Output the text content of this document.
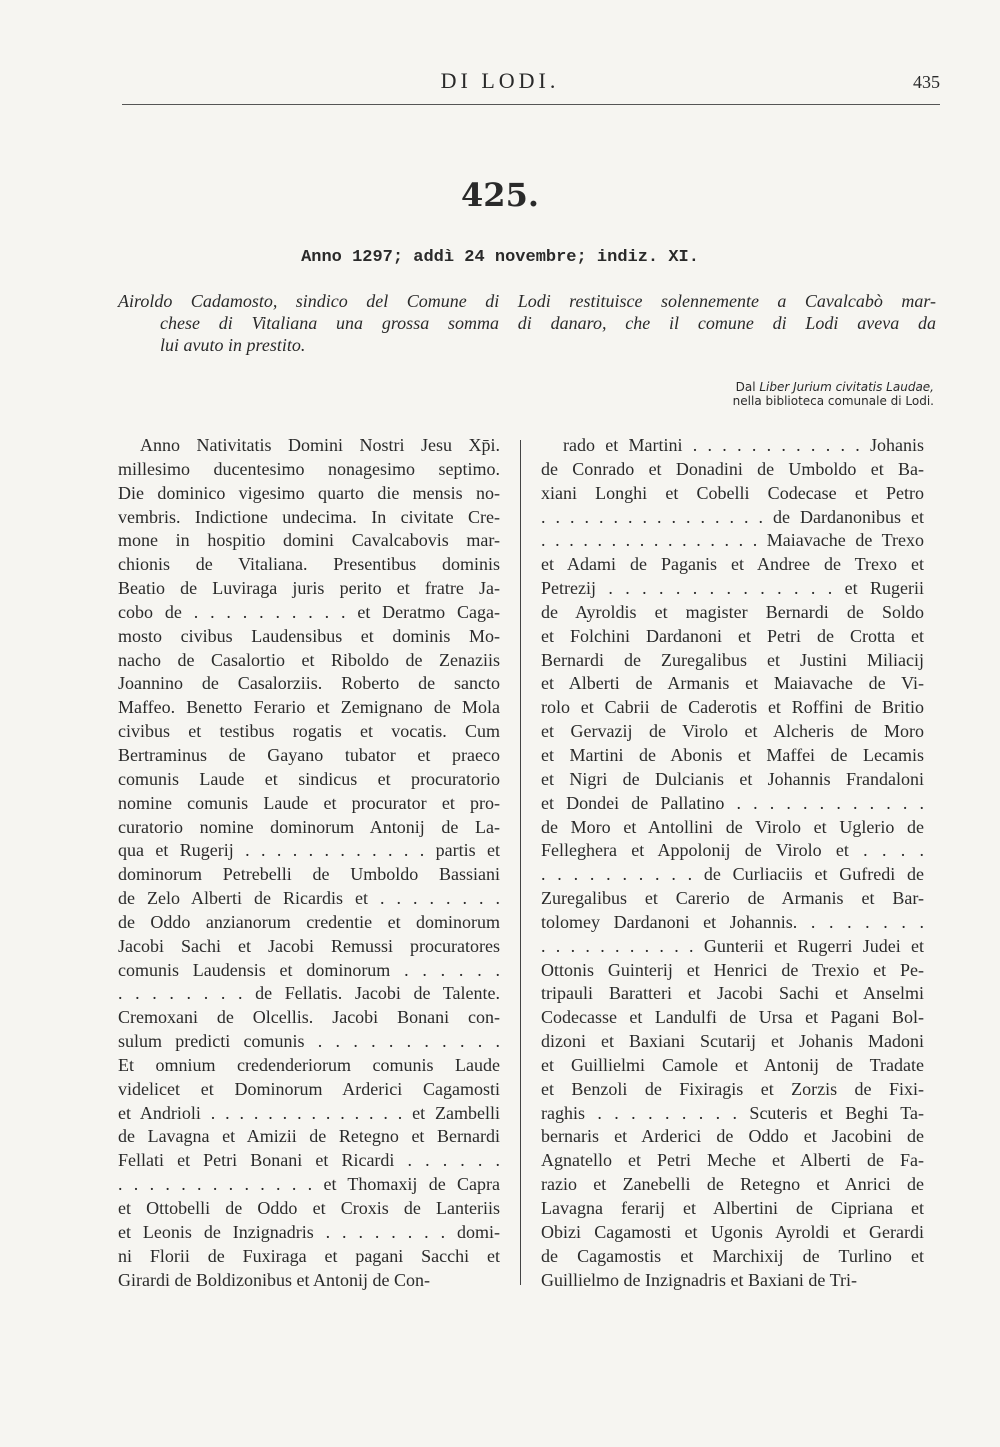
DI LODI.	435
425.
Anno 1297; addì 24 novembre; indiz. XI.
Airoldo Cadamosto, sindico del Comune di Lodi restituisce solennemente a Cavalcabò mar-
chese di Vitaliana una grossa somma di danaro, che il comune di Lodi aveva da
lui avuto in prestito.
Dal Liber Jurium civitatis Laudae,
nella biblioteca comunale di Lodi.
Anno Nativitatis Domini Nostri Jesu Xp̄i.
millesimo ducentesimo nonagesimo septimo.
Die dominico vigesimo quarto die mensis no-
vembris. Indictione undecima. In civitate Cre-
mone in hospitio domini Cavalcabovis mar-
chionis de Vitaliana. Presentibus dominis
Beatio de Luviraga juris perito et fratre Ja-
cobo de . . . . . . . . . . et Deratmo Caga-
mosto civibus Laudensibus et dominis Mo-
nacho de Casalortio et Riboldo de Zenaziis
Joannino de Casalorziis. Roberto de sancto
Maffeo. Benetto Ferario et Zemignano de Mola
civibus et testibus rogatis et vocatis. Cum
Bertraminus de Gayano tubator et praeco
comunis Laude et sindicus et procuratorio
nomine comunis Laude et procurator et pro-
curatorio nomine dominorum Antonij de La-
qua et Rugerij . . . . . . . . . . . . partis et
dominorum Petrebelli de Umboldo Bassiani
de Zelo Alberti de Ricardis et . . . . . . . .
de Oddo anzianorum credentie et dominorum
Jacobi Sachi et Jacobi Remussi procuratores
comunis Laudensis et dominorum . . . . . .
. . . . . . . . de Fellatis. Jacobi de Talente.
Cremoxani de Olcellis. Jacobi Bonani con-
sulum predicti comunis . . . . . . . . . . .
Et omnium credenderiorum comunis Laude
videlicet et Dominorum Arderici Cagamosti
et Andrioli . . . . . . . . . . . . . . et Zambelli
de Lavagna et Amizii de Retegno et Bernardi
Fellati et Petri Bonani et Ricardi . . . . . .
. . . . . . . . . . . . . et Thomaxij de Capra
et Ottobelli de Oddo et Croxis de Lanteriis
et Leonis de Inzignadris . . . . . . . . domi-
ni Florii de Fuxiraga et pagani Sacchi et
Girardi de Boldizonibus et Antonij de Con-
rado et Martini . . . . . . . . . . . . Johanis
de Conrado et Donadini de Umboldo et Ba-
xiani Longhi et Cobelli Codecase et Petro
. . . . . . . . . . . . . . . . de Dardanonibus et
. . . . . . . . . . . . . . . . Maiavache de Trexo
et Adami de Paganis et Andree de Trexo et
Petrezij . . . . . . . . . . . . . . et Rugerii
de Ayroldis et magister Bernardi de Soldo
et Folchini Dardanoni et Petri de Crotta et
Bernardi de Zuregalibus et Justini Miliacij
et Alberti de Armanis et Maiavache de Vi-
rolo et Cabrii de Caderotis et Roffini de Britio
et Gervazij de Virolo et Alcheris de Moro
et Martini de Abonis et Maffei de Lecamis
et Nigri de Dulcianis et Johannis Frandaloni
et Dondei de Pallatino . . . . . . . . . . . .
de Moro et Antollini de Virolo et Uglerio de
Felleghera et Appolonij de Virolo et . . . .
. . . . . . . . . . de Curliaciis et Gufredi de
Zuregalibus et Carerio de Armanis et Bar-
tolomey Dardanoni et Johannis. . . . . . . .
. . . . . . . . . . . Gunterii et Rugerri Judei et
Ottonis Guinterij et Henrici de Trexio et Pe-
tripauli Baratteri et Jacobi Sachi et Anselmi
Codecasse et Landulfi de Ursa et Pagani Bol-
dizoni et Baxiani Scutarij et Johanis Madoni
et Guillielmi Camole et Antonij de Tradate
et Benzoli de Fixiragis et Zorzis de Fixi-
raghis . . . . . . . . . Scuteris et Beghi Ta-
bernaris et Arderici de Oddo et Jacobini de
Agnatello et Petri Meche et Alberti de Fa-
razio et Zanebelli de Retegno et Anrici de
Lavagna ferarij et Albertini de Cipriana et
Obizi Cagamosti et Ugonis Ayroldi et Gerardi
de Cagamostis et Marchixij de Turlino et
Guillielmo de Inzignadris et Baxiani de Tri-
